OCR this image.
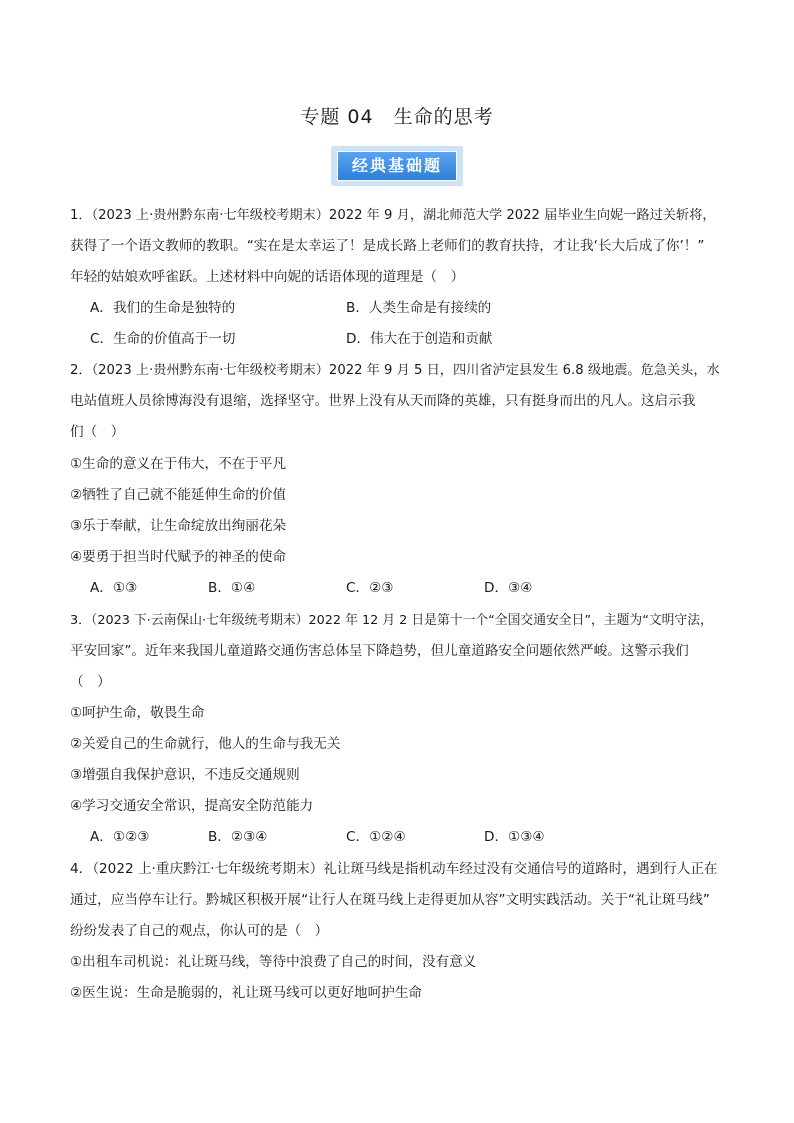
专题 04　生命的思考
经典基础题
1．（2023 上·贵州黔东南·七年级校考期末）2022 年 9 月，湖北师范大学 2022 届毕业生向妮一路过关斩将，
获得了一个语文教师的教职。“实在是太幸运了！是成长路上老师们的教育扶持，才让我‘长大后成了你’！”
年轻的姑娘欢呼雀跃。上述材料中向妮的话语体现的道理是（　）
A．我们的生命是独特的	B．人类生命是有接续的
C．生命的价值高于一切	D．伟大在于创造和贡献
2．（2023 上·贵州黔东南·七年级校考期末）2022 年 9 月 5 日，四川省泸定县发生 6.8 级地震。危急关头，水
电站值班人员徐博海没有退缩，选择坚守。世界上没有从天而降的英雄，只有挺身而出的凡人。这启示我
们（　）
①生命的意义在于伟大，不在于平凡
②牺牲了自己就不能延伸生命的价值
③乐于奉献，让生命绽放出绚丽花朵
④要勇于担当时代赋予的神圣的使命
A．①③	B．①④	C．②③	D．③④
3．（2023 下·云南保山·七年级统考期末）2022 年 12 月 2 日是第十一个“全国交通安全日”，主题为“文明守法，
平安回家”。近年来我国儿童道路交通伤害总体呈下降趋势，但儿童道路安全问题依然严峻。这警示我们
（　）
①呵护生命，敬畏生命
②关爱自己的生命就行，他人的生命与我无关
③增强自我保护意识，不违反交通规则
④学习交通安全常识，提高安全防范能力
A．①②③	B．②③④	C．①②④	D．①③④
4．（2022 上·重庆黔江·七年级统考期末）礼让斑马线是指机动车经过没有交通信号的道路时，遇到行人正在
通过，应当停车让行。黔城区积极开展“让行人在斑马线上走得更加从容”文明实践活动。关于“礼让斑马线”
纷纷发表了自己的观点，你认可的是（　）
①出租车司机说：礼让斑马线，等待中浪费了自己的时间，没有意义
②医生说：生命是脆弱的，礼让斑马线可以更好地呵护生命
